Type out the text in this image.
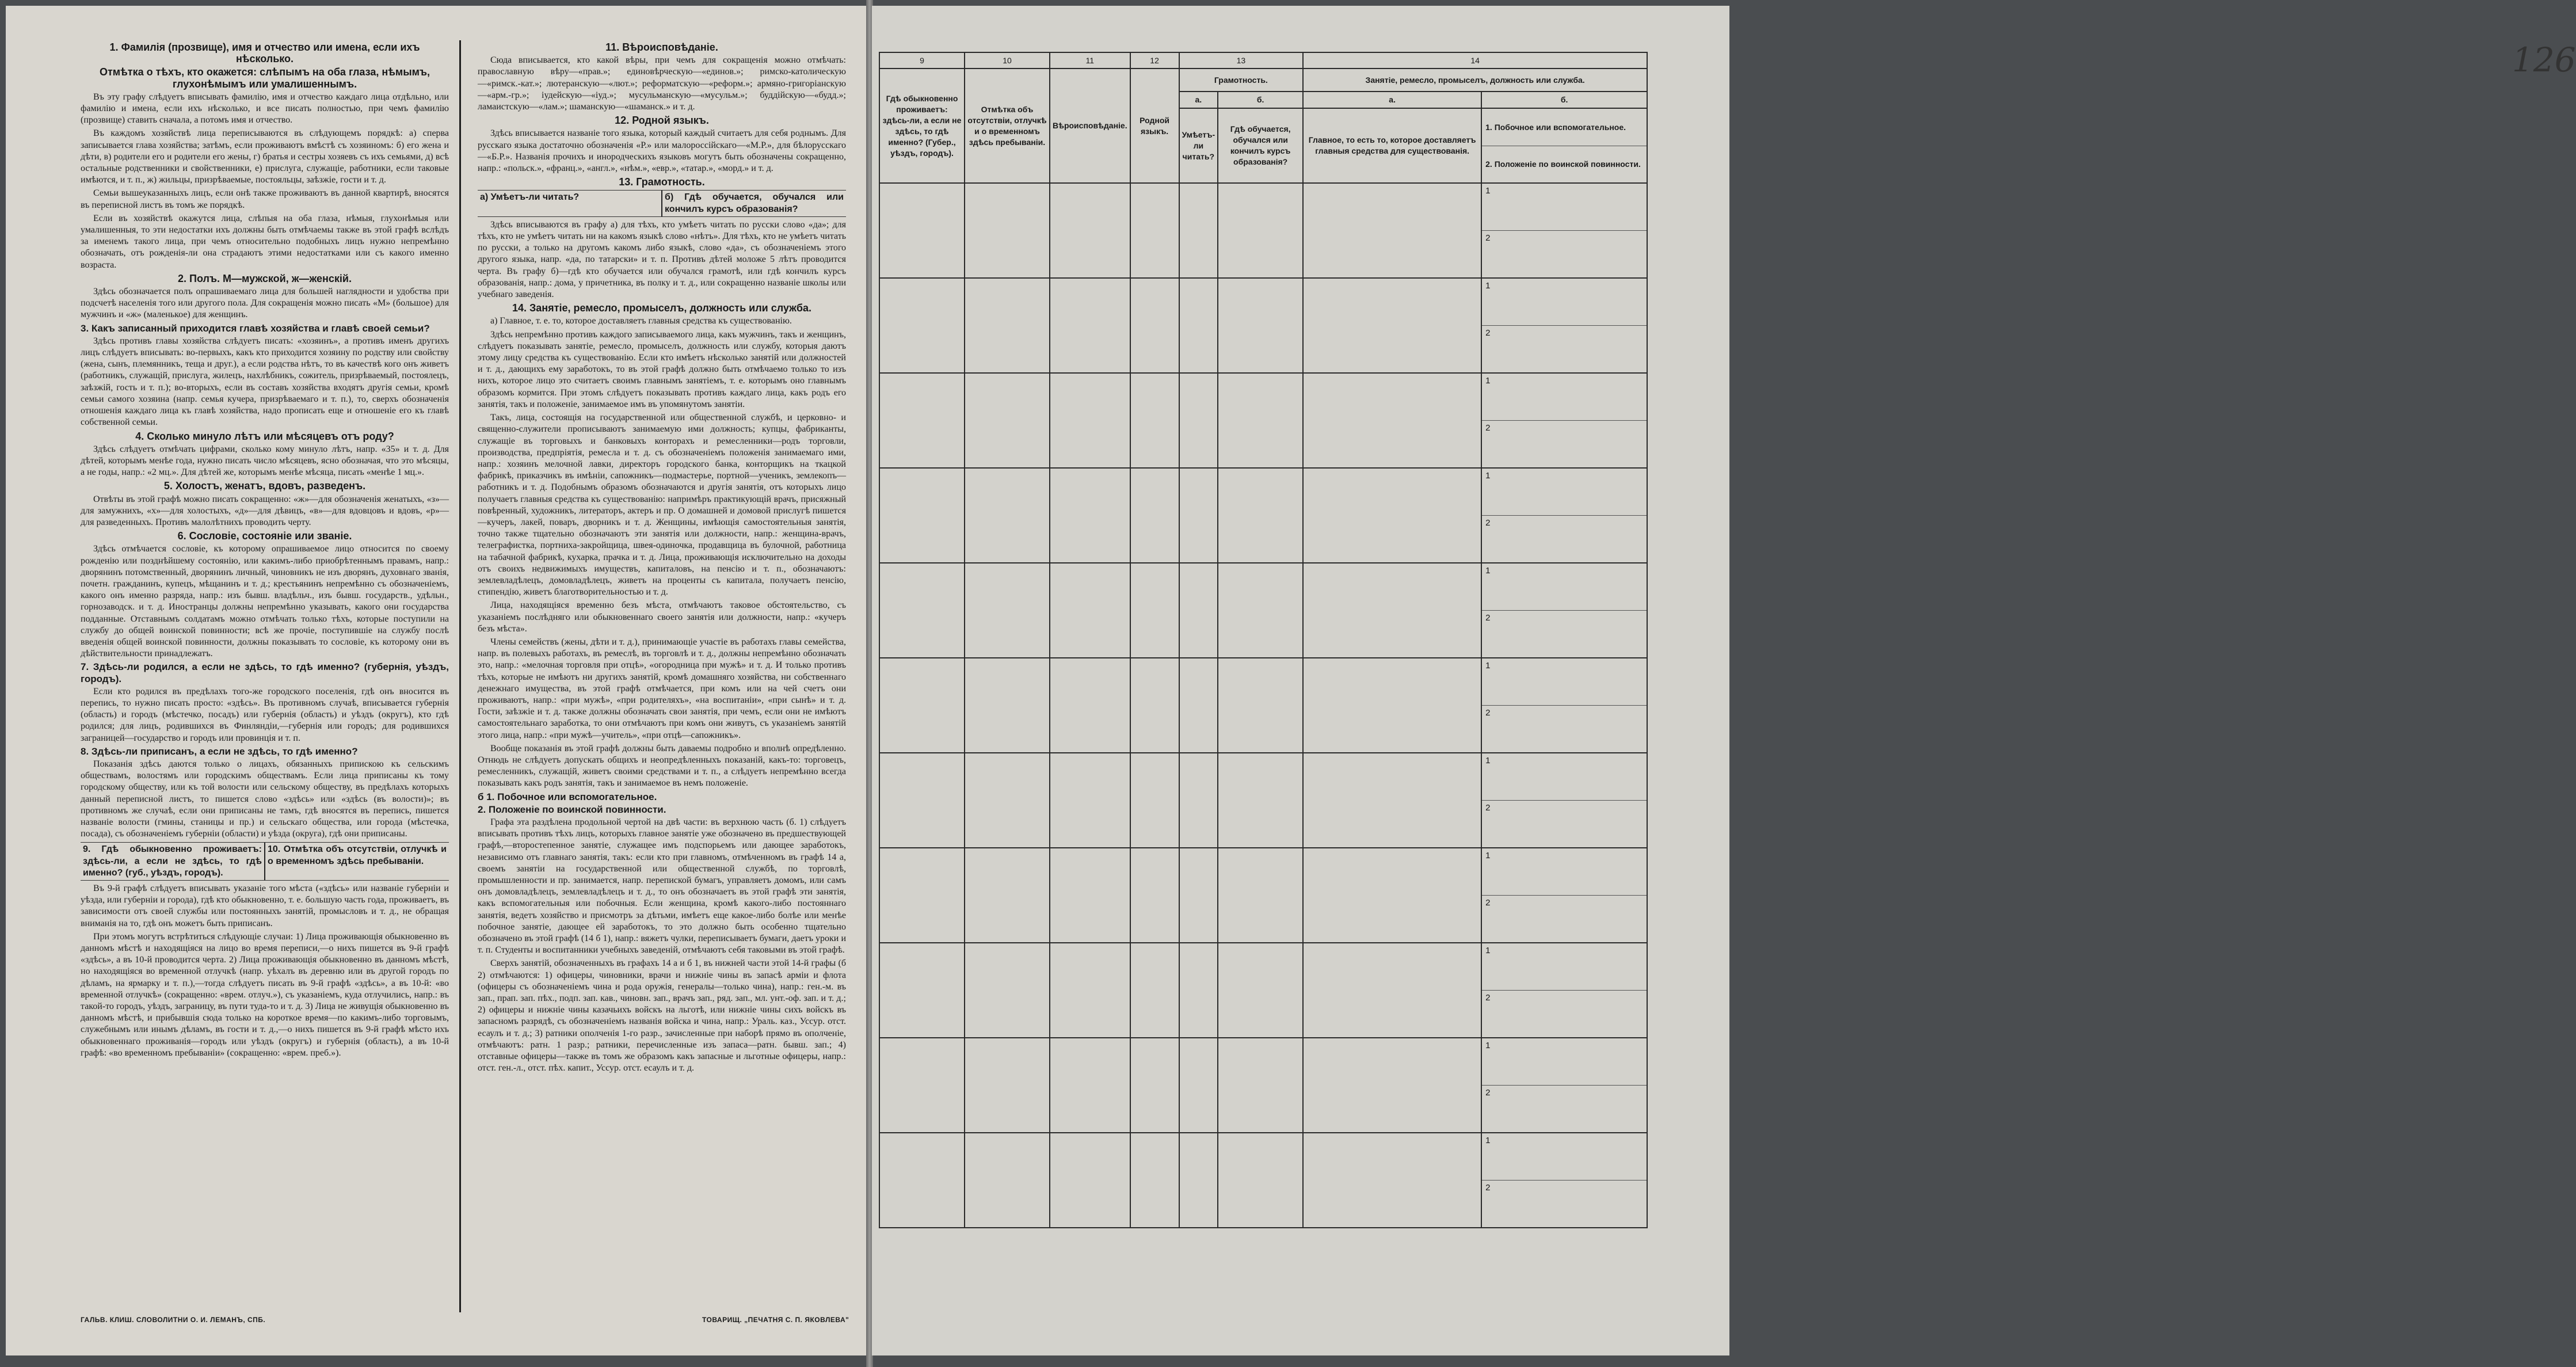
1. Фамилія (прозвище), имя и отчество или имена, если ихъ нѣсколько.
Отмѣтка о тѣхъ, кто окажется: слѣпымъ на оба глаза, нѣмымъ, глухонѣмымъ или умалишеннымъ.
Въ эту графу слѣдуетъ вписывать фамилію, имя и отчество каждаго лица отдѣльно, или фамилію и имена, если ихъ нѣсколько, и все писать полностью, при чемъ фамилію (прозвище) ставить сначала, а потомъ имя и отчество.
Въ каждомъ хозяйствѣ лица переписываются въ слѣдующемъ порядкѣ: а) сперва записывается глава хозяйства; затѣмъ, если проживаютъ вмѣстѣ съ хозяиномъ: б) его жена и дѣти, в) родители его и родители его жены, г) братья и сестры хозяевъ съ ихъ семьями, д) всѣ остальные родственники и свойственники, е) прислуга, служащіе, работники, если таковые имѣются, и т. п., ж) жильцы, призрѣваемые, постояльцы, заѣзжіе, гости и т. д.
Семьи вышеуказанныхъ лицъ, если онѣ также проживаютъ въ данной квартирѣ, вносятся въ переписной листъ въ томъ же порядкѣ.
Если въ хозяйствѣ окажутся лица, слѣпыя на оба глаза, нѣмыя, глухонѣмыя или умалишенныя, то эти недостатки ихъ должны быть отмѣчаемы также въ этой графѣ вслѣдъ за именемъ такого лица, при чемъ относительно подобныхъ лицъ нужно непремѣнно обозначать, отъ рожденія-ли она страдаютъ этими недостатками или съ какого именно возраста.
2. Полъ. М—мужской, ж—женскій.
Здѣсь обозначается полъ опрашиваемаго лица для большей наглядности и удобства при подсчетѣ населенія того или другого пола. Для сокращенія можно писать «М» (большое) для мужчинъ и «ж» (маленькое) для женщинъ.
3. Какъ записанный приходится главѣ хозяйства и главѣ своей семьи?
Здѣсь противъ главы хозяйства слѣдуетъ писать: «хозяинъ», а противъ именъ другихъ лицъ слѣдуетъ вписывать: во-первыхъ, какъ кто приходится хозяину по родству или свойству (жена, сынъ, племянникъ, теща и друг.), а если родства нѣтъ, то въ качествѣ кого онъ живетъ (работникъ, служащій, прислуга, жилецъ, нахлѣбникъ, сожитель, призрѣваемый, постоялецъ, заѣзжій, гость и т. п.); во-вторыхъ, если въ составъ хозяйства входятъ другія семьи, кромѣ семьи самого хозяина (напр. семья кучера, призрѣваемаго и т. п.), то, сверхъ обозначенія отношенія каждаго лица къ главѣ хозяйства, надо прописать еще и отношеніе его къ главѣ собственной семьи.
4. Сколько минуло лѣтъ или мѣсяцевъ отъ роду?
Здѣсь слѣдуетъ отмѣчать цифрами, сколько кому минуло лѣтъ, напр. «35» и т. д. Для дѣтей, которымъ менѣе года, нужно писать число мѣсяцевъ, ясно обозначая, что это мѣсяцы, а не годы, напр.: «2 мц.». Для дѣтей же, которымъ менѣе мѣсяца, писать «менѣе 1 мц.».
5. Холостъ, женатъ, вдовъ, разведенъ.
Отвѣты въ этой графѣ можно писать сокращенно: «ж»—для обозначенія женатыхъ, «з»—для замужнихъ, «х»—для холостыхъ, «д»—для дѣвицъ, «в»—для вдовцовъ и вдовъ, «р»—для разведенныхъ. Противъ малолѣтнихъ проводить черту.
6. Сословіе, состояніе или званіе.
Здѣсь отмѣчается сословіе, къ которому опрашиваемое лицо относится по своему рожденію или позднѣйшему состоянію, или какимъ-либо приобрѣтеннымъ правамъ, напр.: дворянинъ потомственный, дворянинъ личный, чиновникъ не изъ дворянъ, духовнаго званія, почетн. гражданинъ, купецъ, мѣщанинъ и т. д.; крестьянинъ непремѣнно съ обозначеніемъ, какого онъ именно разряда, напр.: изъ бывш. владѣльч., изъ бывш. государств., удѣльн., горнозаводск. и т. д. Иностранцы должны непремѣнно указывать, какого они государства подданные. Отставнымъ солдатамъ можно отмѣчать только тѣхъ, которые поступили на службу до общей воинской повинности; всѣ же прочіе, поступившіе на службу послѣ введенія общей воинской повинности, должны показывать то сословіе, къ которому они въ дѣйствительности принадлежатъ.
7. Здѣсь-ли родился, а если не здѣсь, то гдѣ именно? (губернія, уѣздъ, городъ).
Если кто родился въ предѣлахъ того-же городского поселенія, гдѣ онъ вносится въ перепись, то нужно писать просто: «здѣсь». Въ противномъ случаѣ, вписывается губернія (область) и городъ (мѣстечко, посадъ) или губернія (область) и уѣздъ (округъ), кто гдѣ родился; для лицъ, родившихся въ Финляндіи,—губернія или городъ; для родившихся заграницей—государство и городъ или провинція и т. п.
8. Здѣсь-ли приписанъ, а если не здѣсь, то гдѣ именно?
Показанія здѣсь даются только о лицахъ, обязанныхъ припискою къ сельскимъ обществамъ, волостямъ или городскимъ обществамъ. Если лица приписаны къ тому городскому обществу, или къ той волости или сельскому обществу, въ предѣлахъ которыхъ данный переписной листъ, то пишется слово «здѣсь» или «здѣсь (въ волости)»; въ противномъ же случаѣ, если они приписаны не тамъ, гдѣ вносятся въ перепись, пишется названіе волости (гмины, станицы и пр.) и сельскаго общества, или города (мѣстечка, посада), съ обозначеніемъ губерніи (области) и уѣзда (округа), гдѣ они приписаны.
9. Гдѣ обыкновенно проживаетъ: здѣсь-ли, а если не здѣсь, то гдѣ именно? (губ., уѣздъ, городъ).
10. Отмѣтка объ отсутствіи, отлучкѣ и о временномъ здѣсь пребываніи.
Въ 9-й графѣ слѣдуетъ вписывать указаніе того мѣста («здѣсь» или названіе губерніи и уѣзда, или губерніи и города), гдѣ кто обыкновенно, т. е. большую часть года, проживаетъ, въ зависимости отъ своей службы или постоянныхъ занятій, промысловъ и т. д., не обращая вниманія на то, гдѣ онъ можетъ быть приписанъ.
При этомъ могутъ встрѣтиться слѣдующіе случаи: 1) Лица проживающія обыкновенно въ данномъ мѣстѣ и находящіяся на лицо во время переписи,—о нихъ пишется въ 9-й графѣ «здѣсь», а въ 10-й проводится черта. 2) Лица проживающія обыкновенно въ данномъ мѣстѣ, но находящіяся во временной отлучкѣ (напр. уѣхалъ въ деревню или въ другой городъ по дѣламъ, на ярмарку и т. п.),—тогда слѣдуетъ писать въ 9-й графѣ «здѣсь», а въ 10-й: «во временной отлучкѣ» (сокращенно: «врем. отлуч.»), съ указаніемъ, куда отлучились, напр.: въ такой-то городъ, уѣздъ, заграницу, въ пути туда-то и т. д. 3) Лица не живущія обыкновенно въ данномъ мѣстѣ, и прибывшія сюда только на короткое время—по какимъ-либо торговымъ, служебнымъ или инымъ дѣламъ, въ гости и т. д.,—о нихъ пишется въ 9-й графѣ мѣсто ихъ обыкновеннаго проживанія—городъ или уѣздъ (округъ) и губернія (область), а въ 10-й графѣ: «во временномъ пребываніи» (сокращенно: «врем. преб.»).
11. Вѣроисповѣданіе.
Сюда вписывается, кто какой вѣры, при чемъ для сокращенія можно отмѣчать: православную вѣру—«прав.»; единовѣрческую—«единов.»; римско-католическую—«римск.-кат.»; лютеранскую—«лют.»; реформатскую—«реформ.»; армяно-григоріанскую—«арм.-гр.»; іудейскую—«іуд.»; мусульманскую—«мусульм.»; буддійскую—«будд.»; ламаистскую—«лам.»; шаманскую—«шаманск.» и т. д.
12. Родной языкъ.
Здѣсь вписывается названіе того языка, который каждый считаетъ для себя роднымъ. Для русскаго языка достаточно обозначенія «Р.» или малороссійскаго—«М.Р.», для бѣлорусскаго—«Б.Р.». Названія прочихъ и инородческихъ языковъ могутъ быть обозначены сокращенно, напр.: «польск.», «франц.», «англ.», «нѣм.», «евр.», «татар.», «морд.» и т. д.
13. Грамотность.
а) Умѣетъ-ли читать?	б) Гдѣ обучается, обучался или кончилъ курсъ образованія?
Здѣсь вписываются въ графу а) для тѣхъ, кто умѣетъ читать по русски слово «да»; для тѣхъ, кто не умѣетъ читать ни на какомъ языкѣ слово «нѣтъ». Для тѣхъ, кто не умѣетъ читать по русски, а только на другомъ какомъ либо языкѣ, слово «да», съ обозначеніемъ этого другого языка, напр. «да, по татарски» и т. п. Противъ дѣтей моложе 5 лѣтъ проводится черта. Въ графу б)—гдѣ кто обучается или обучался грамотѣ, или гдѣ кончилъ курсъ образованія, напр.: дома, у причетника, въ полку и т. д., или сокращенно названіе школы или учебнаго заведенія.
14. Занятіе, ремесло, промыселъ, должность или служба.
а) Главное, т. е. то, которое доставляетъ главныя средства къ существованію.
Здѣсь непремѣнно противъ каждого записываемого лица, какъ мужчинъ, такъ и женщинъ, слѣдуетъ показывать занятіе, ремесло, промыселъ, должность или службу, которыя даютъ этому лицу средства къ существованію. Если кто имѣетъ нѣсколько занятій или должностей и т. д., дающихъ ему заработокъ, то въ этой графѣ должно быть отмѣчаемо только то изъ нихъ, которое лицо это считаетъ своимъ главнымъ занятіемъ, т. е. которымъ оно главнымъ образомъ кормится. При этомъ слѣдуетъ показывать противъ каждаго лица, какъ родъ его занятія, такъ и положеніе, занимаемое имъ въ упомянутомъ занятіи.
Такъ, лица, состоящія на государственной или общественной службѣ, и церковно- и священно-служители прописываютъ занимаемую ими должность; купцы, фабриканты, служащіе въ торговыхъ и банковыхъ конторахъ и ремесленники—родъ торговли, производства, предпріятія, ремесла и т. д. съ обозначеніемъ положенія занимаемаго ими, напр.: хозяинъ мелочной лавки, директоръ городского банка, конторщикъ на ткацкой фабрикѣ, приказчикъ въ имѣніи, сапожникъ—подмастерье, портной—ученикъ, землекопъ—работникъ и т. д. Подобнымъ образомъ обозначаются и другія занятія, отъ которыхъ лицо получаетъ главныя средства къ существованію: напримѣръ практикующій врачъ, присяжный повѣренный, художникъ, литераторъ, актеръ и пр. О домашней и домовой прислугѣ пишется—кучеръ, лакей, поваръ, дворникъ и т. д. Женщины, имѣющія самостоятельныя занятія, точно также тщательно обозначаютъ эти занятія или должности, напр.: женщина-врачъ, телеграфистка, портниха-закройщица, швея-одиночка, продавщица въ булочной, работница на табачной фабрикѣ, кухарка, прачка и т. д. Лица, проживающія исключительно на доходы отъ своихъ недвижимыхъ имуществъ, капиталовъ, на пенсію и т. п., обозначаютъ: землевладѣлецъ, домовладѣлецъ, живетъ на проценты съ капитала, получаетъ пенсію, стипендію, живетъ благотворительностью и т. д.
Лица, находящіяся временно безъ мѣста, отмѣчаютъ таковое обстоятельство, съ указаніемъ послѣдняго или обыкновеннаго своего занятія или должности, напр.: «кучеръ безъ мѣста».
Члены семействъ (жены, дѣти и т. д.), принимающіе участіе въ работахъ главы семейства, напр. въ полевыхъ работахъ, въ ремеслѣ, въ торговлѣ и т. д., должны непремѣнно обозначать это, напр.: «мелочная торговля при отцѣ», «огородница при мужѣ» и т. д. И только противъ тѣхъ, которые не имѣютъ ни другихъ занятій, кромѣ домашняго хозяйства, ни собственнаго денежнаго имущества, въ этой графѣ отмѣчается, при комъ или на чей счетъ они проживаютъ, напр.: «при мужѣ», «при родителяхъ», «на воспитаніи», «при сынѣ» и т. д. Гости, заѣзжіе и т. д. также должны обозначать свои занятія, при чемъ, если они не имѣютъ самостоятельнаго заработка, то они отмѣчаютъ при комъ они живутъ, съ указаніемъ занятій этого лица, напр.: «при мужѣ—учитель», «при отцѣ—сапожникъ».
Вообще показанія въ этой графѣ должны быть даваемы подробно и вполнѣ опредѣленно. Отнюдь не слѣдуетъ допускать общихъ и неопредѣленныхъ показаній, какъ-то: торговецъ, ремесленникъ, служащій, живетъ своими средствами и т. п., а слѣдуетъ непремѣнно всегда показывать какъ родъ занятія, такъ и занимаемое въ немъ положеніе.
б 1. Побочное или вспомогательное.
2. Положеніе по воинской повинности.
Графа эта раздѣлена продольной чертой на двѣ части: въ верхнюю часть (б. 1) слѣдуетъ вписывать противъ тѣхъ лицъ, которыхъ главное занятіе уже обозначено въ предшествующей графѣ,—второстепенное занятіе, служащее имъ подспорьемъ или дающее заработокъ, независимо отъ главнаго занятія, такъ: если кто при главномъ, отмѣченномъ въ графѣ 14 а, своемъ занятіи на государственной или общественной службѣ, по торговлѣ, промышленности и пр. занимается, напр. перепиской бумагъ, управляетъ домомъ, или самъ онъ домовладѣлецъ, землевладѣлецъ и т. д., то онъ обозначаетъ въ этой графѣ эти занятія, какъ вспомогательныя или побочныя. Если женщина, кромѣ какого-либо постояннаго занятія, ведетъ хозяйство и присмотръ за дѣтьми, имѣетъ еще какое-либо болѣе или менѣе побочное занятіе, дающее ей заработокъ, то это должно быть особенно тщательно обозначено въ этой графѣ (14 б 1), напр.: вяжетъ чулки, переписываетъ бумаги, даетъ уроки и т. п. Студенты и воспитанники учебныхъ заведеній, отмѣчаютъ себя таковыми въ этой графѣ.
Сверхъ занятій, обозначенныхъ въ графахъ 14 а и б 1, въ нижней части этой 14-й графы (б 2) отмѣчаются: 1) офицеры, чиновники, врачи и нижніе чины въ запасѣ арміи и флота (офицеры съ обозначеніемъ чина и рода оружія, генералы—только чина), напр.: ген.-м. въ зап., прап. зап. пѣх., подп. зап. кав., чиновн. зап., врачъ зап., ряд. зап., мл. унт.-оф. зап. и т. д.; 2) офицеры и нижніе чины казачьихъ войскъ на льготѣ, или нижніе чины сихъ войскъ въ запасномъ разрядѣ, съ обозначеніемъ названія войска и чина, напр.: Ураль. каз., Уссур. отст. есаулъ и т. д.; 3) ратники ополченія 1-го разр., зачисленные при наборѣ прямо въ ополченіе, отмѣчаютъ: ратн. 1 разр.; ратники, перечисленные изъ запаса—ратн. бывш. зап.; 4) отставные офицеры—также въ томъ же образомъ какъ запасные и льготные офицеры, напр.: отст. ген.-л., отст. пѣх. капит., Уссур. отст. есаулъ и т. д.
ГАЛЬВ. КЛИШ. СЛОВОЛИТНИ О. И. ЛЕМАНЪ, СПБ.	ТОВАРИЩ. „ПЕЧАТНЯ С. П. ЯКОВЛЕВА"
9	10	11	12	13		14	
Гдѣ обыкновенно проживаетъ: здѣсь-ли, а если не здѣсь, то гдѣ именно? (Губер., уѣздъ, городъ).	Отмѣтка объ отсутствіи, отлучкѣ и о временномъ здѣсь пребываніи.	Вѣроисповѣданіе.	Родной языкъ.	Грамотность.		Занятіе, ремесло, промыселъ, должность или служба.	
				а.	б.	а.	б.
				Умѣетъ-ли читать?	Гдѣ обучается, обучался или кончилъ курсъ образованія?	Главное, то есть то, которое доставляетъ главныя средства для существованія.	1. Побочное или вспомогательное.
2. Положеніе по воинской повинности.

							1
2

							1
2

							1
2

							1
2

							1
2

							1
2

							1
2

							1
2

							1
2

							1
2

							1
2
126
